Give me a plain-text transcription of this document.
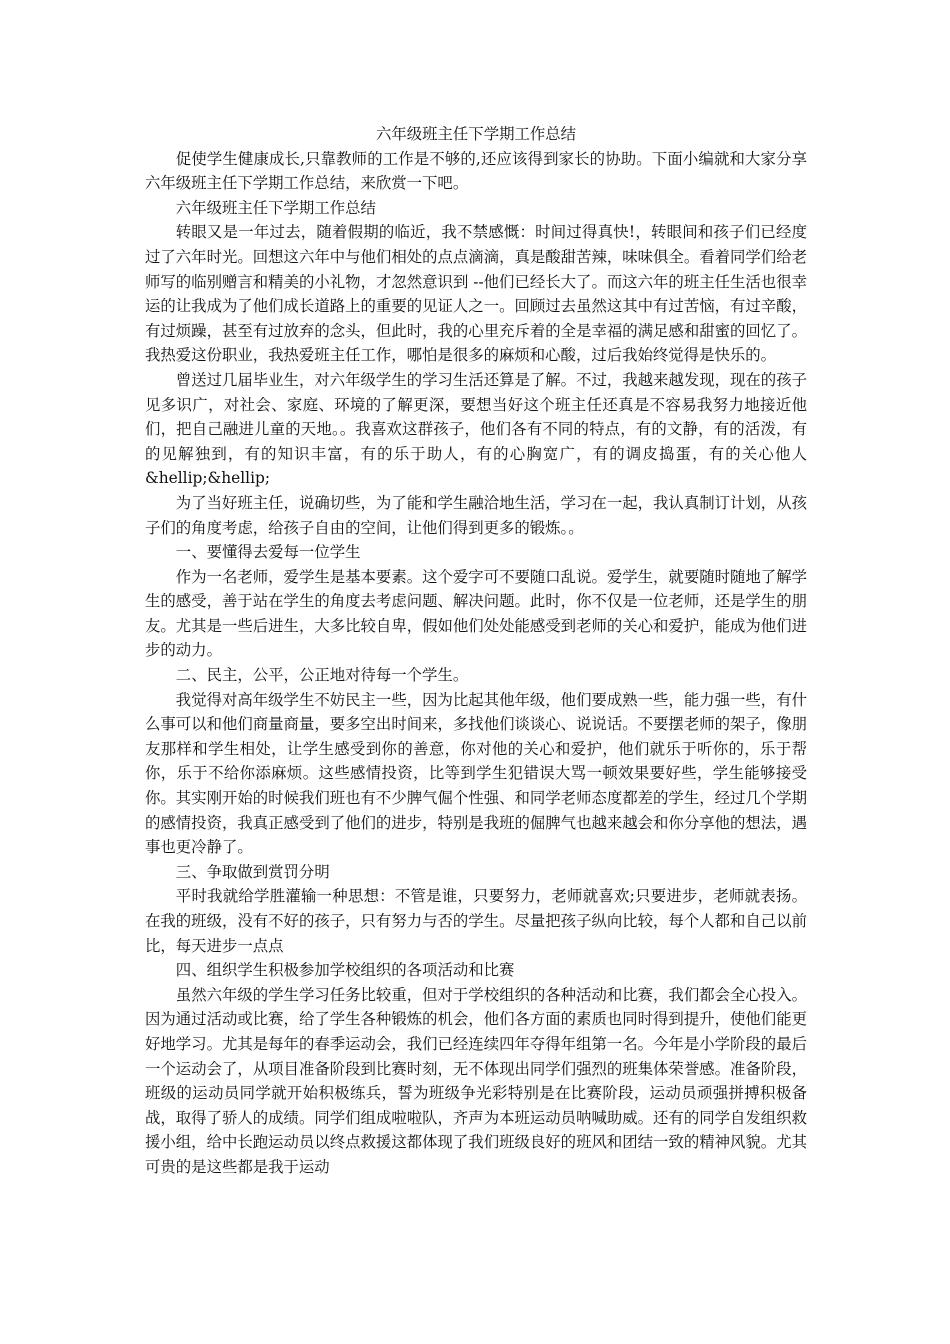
六年级班主任下学期工作总结
促使学生健康成长,只靠教师的工作是不够的,还应该得到家长的协助。下面小编就和大家分享六年级班主任下学期工作总结，来欣赏一下吧。
六年级班主任下学期工作总结
转眼又是一年过去，随着假期的临近，我不禁感慨：时间过得真快!，转眼间和孩子们已经度过了六年时光。回想这六年中与他们相处的点点滴滴，真是酸甜苦辣，味味俱全。看着同学们给老师写的临别赠言和精美的小礼物，才忽然意识到 --他们已经长大了。而这六年的班主任生活也很幸运的让我成为了他们成长道路上的重要的见证人之一。回顾过去虽然这其中有过苦恼，有过辛酸，有过烦躁，甚至有过放弃的念头，但此时，我的心里充斥着的全是幸福的满足感和甜蜜的回忆了。我热爱这份职业，我热爱班主任工作，哪怕是很多的麻烦和心酸，过后我始终觉得是快乐的。
曾送过几届毕业生，对六年级学生的学习生活还算是了解。不过，我越来越发现，现在的孩子见多识广，对社会、家庭、环境的了解更深，要想当好这个班主任还真是不容易我努力地接近他们，把自己融进儿童的天地。。我喜欢这群孩子，他们各有不同的特点，有的文静，有的活泼，有的见解独到，有的知识丰富，有的乐于助人，有的心胸宽广，有的调皮捣蛋，有的关心他人&hellip;&hellip;
为了当好班主任，说确切些，为了能和学生融洽地生活，学习在一起，我认真制订计划，从孩子们的角度考虑，给孩子自由的空间，让他们得到更多的锻炼。。
一、要懂得去爱每一位学生
作为一名老师，爱学生是基本要素。这个爱字可不要随口乱说。爱学生，就要随时随地了解学生的感受，善于站在学生的角度去考虑问题、解决问题。此时，你不仅是一位老师，还是学生的朋友。尤其是一些后进生，大多比较自卑，假如他们处处能感受到老师的关心和爱护，能成为他们进步的动力。
二、民主，公平，公正地对待每一个学生。
我觉得对高年级学生不妨民主一些，因为比起其他年级，他们要成熟一些，能力强一些，有什么事可以和他们商量商量，要多空出时间来，多找他们谈谈心、说说话。不要摆老师的架子，像朋友那样和学生相处，让学生感受到你的善意，你对他的关心和爱护，他们就乐于听你的，乐于帮你，乐于不给你添麻烦。这些感情投资，比等到学生犯错误大骂一顿效果要好些，学生能够接受你。其实刚开始的时候我们班也有不少脾气倔个性强、和同学老师态度都差的学生，经过几个学期的感情投资，我真正感受到了他们的进步，特别是我班的倔脾气也越来越会和你分享他的想法，遇事也更冷静了。
三、争取做到赏罚分明
平时我就给学胜灌输一种思想：不管是谁，只要努力，老师就喜欢;只要进步，老师就表扬。在我的班级，没有不好的孩子，只有努力与否的学生。尽量把孩子纵向比较，每个人都和自己以前比，每天进步一点点
四、组织学生积极参加学校组织的各项活动和比赛
虽然六年级的学生学习任务比较重，但对于学校组织的各种活动和比赛，我们都会全心投入。因为通过活动或比赛，给了学生各种锻炼的机会，他们各方面的素质也同时得到提升，使他们能更好地学习。尤其是每年的春季运动会，我们已经连续四年夺得年组第一名。今年是小学阶段的最后一个运动会了，从项目准备阶段到比赛时刻，无不体现出同学们强烈的班集体荣誉感。准备阶段，班级的运动员同学就开始积极练兵，誓为班级争光彩特别是在比赛阶段，运动员顽强拼搏积极备战，取得了骄人的成绩。同学们组成啦啦队，齐声为本班运动员呐喊助威。还有的同学自发组织救援小组，给中长跑运动员以终点救援这都体现了我们班级良好的班风和团结一致的精神风貌。尤其可贵的是这些都是我于运动
